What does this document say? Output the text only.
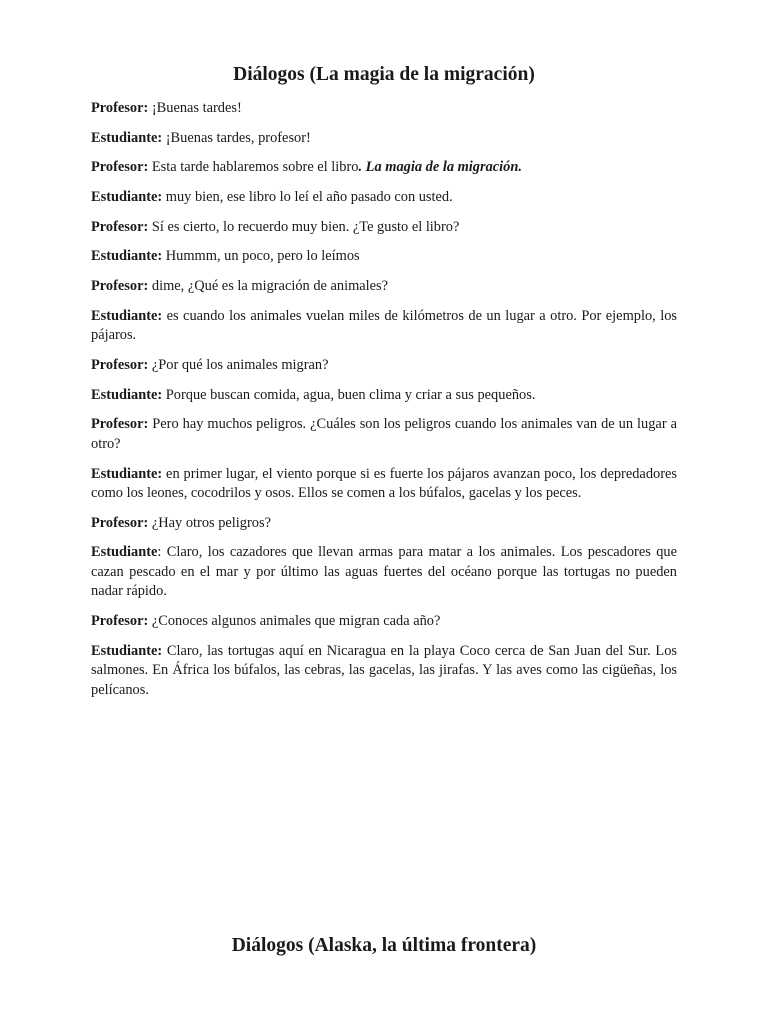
Diálogos (La magia de la migración)

Profesor: ¡Buenas tardes!

Estudiante: ¡Buenas tardes, profesor!

Profesor: Esta tarde hablaremos sobre el libro. La magia de la migración.

Estudiante: muy bien, ese libro lo leí el año pasado con usted.

Profesor: Sí es cierto, lo recuerdo muy bien. ¿Te gusto el libro?

Estudiante: Hummm, un poco, pero lo leímos

Profesor: dime, ¿Qué es la migración de animales?

Estudiante: es cuando los animales vuelan miles de kilómetros de un lugar a otro. Por ejemplo, los pájaros.

Profesor: ¿Por qué los animales migran?

Estudiante: Porque buscan comida, agua, buen clima y criar a sus pequeños.

Profesor: Pero hay muchos peligros. ¿Cuáles son los peligros cuando los animales van de un lugar a otro?

Estudiante: en primer lugar, el viento porque si es fuerte los pájaros avanzan poco, los depredadores como los leones, cocodrilos y osos. Ellos se comen a los búfalos, gacelas y los peces.

Profesor: ¿Hay otros peligros?

Estudiante: Claro, los cazadores que llevan armas para matar a los animales. Los pescadores que cazan pescado en el mar y por último las aguas fuertes del océano porque las tortugas no pueden nadar rápido.

Profesor: ¿Conoces algunos animales que migran cada año?

Estudiante: Claro, las tortugas aquí en Nicaragua en la playa Coco cerca de San Juan del Sur. Los salmones. En África los búfalos, las cebras, las gacelas, las jirafas. Y las aves como las cigüeñas, los pelícanos.

Diálogos (Alaska, la última frontera)
